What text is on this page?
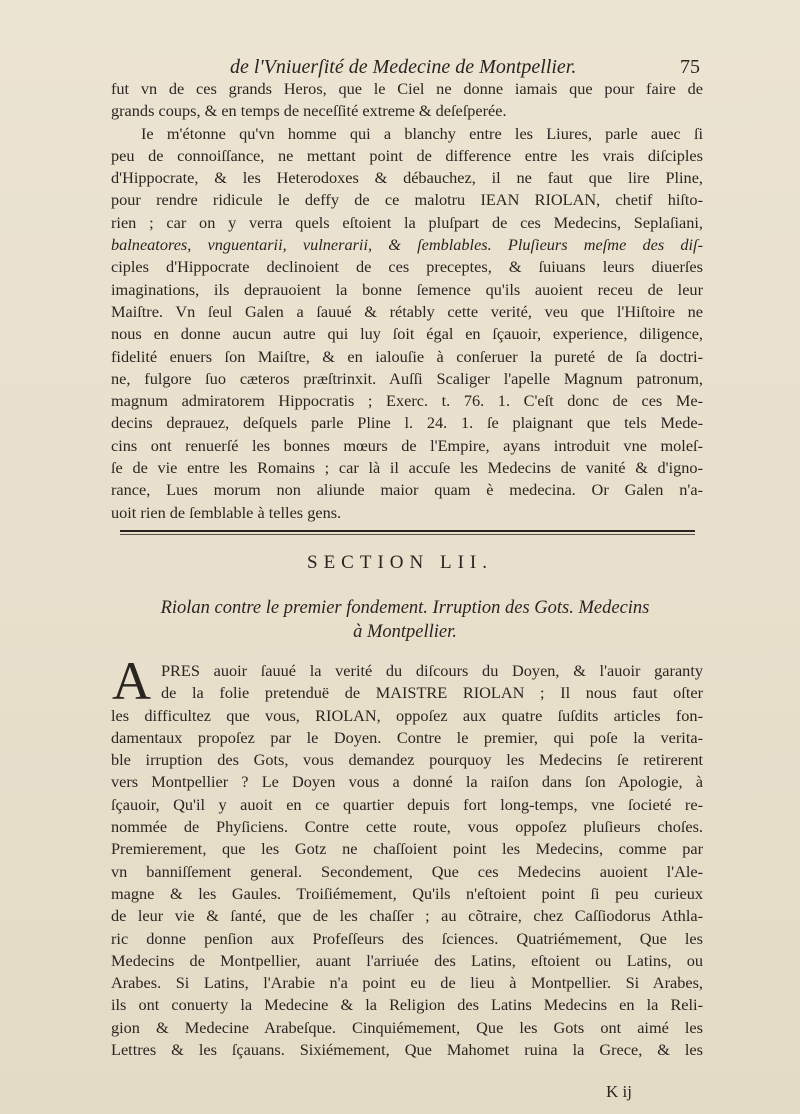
de l'Vniuerſité de Medecine de Montpellier.	75
fut vn de ces grands Heros, que le Ciel ne donne iamais que pour faire de
grands coups, & en temps de neceſſité extreme & deſeſperée.
Ie m'étonne qu'vn homme qui a blanchy entre les Liures, parle auec ſi
peu de connoiſſance, ne mettant point de difference entre les vrais diſciples
d'Hippocrate, & les Heterodoxes & débauchez, il ne faut que lire Pline,
pour rendre ridicule le deffy de ce malotru IEAN RIOLAN, chetif hiſto-
rien ; car on y verra quels eſtoient la pluſpart de ces Medecins, Seplaſiani,
balneatores, vnguentarii, vulnerarii, & ſemblables. Pluſieurs meſme des diſ-
ciples d'Hippocrate declinoient de ces preceptes, & ſuiuans leurs diuerſes
imaginations, ils deprauoient la bonne ſemence qu'ils auoient receu de leur
Maiſtre. Vn ſeul Galen a ſauué & rétably cette verité, veu que l'Hiſtoire ne
nous en donne aucun autre qui luy ſoit égal en ſçauoir, experience, diligence,
fidelité enuers ſon Maiſtre, & en ialouſie à conſeruer la pureté de ſa doctri-
ne, fulgore ſuo cæteros præſtrinxit. Auſſi Scaliger l'apelle Magnum patronum,
magnum admiratorem Hippocratis ; Exerc. t. 76. 1. C'eſt donc de ces Me-
decins deprauez, deſquels parle Pline l. 24. 1. ſe plaignant que tels Mede-
cins ont renuerſé les bonnes mœurs de l'Empire, ayans introduit vne moleſ-
ſe de vie entre les Romains ; car là il accuſe les Medecins de vanité & d'igno-
rance, Lues morum non aliunde maior quam è medecina. Or Galen n'a-
uoit rien de ſemblable à telles gens.
SECTION LII.
Riolan contre le premier fondement. Irruption des Gots. Medecins
à Montpellier.
A PRES auoir ſauué la verité du diſcours du Doyen, & l'auoir garanty
de la folie pretenduë de MAISTRE RIOLAN ; Il nous faut oſter
les difficultez que vous, RIOLAN, oppoſez aux quatre ſuſdits articles fon-
damentaux propoſez par le Doyen. Contre le premier, qui poſe la verita-
ble irruption des Gots, vous demandez pourquoy les Medecins ſe retirerent
vers Montpellier ? Le Doyen vous a donné la raiſon dans ſon Apologie, à
ſçauoir, Qu'il y auoit en ce quartier depuis fort long-temps, vne ſocieté re-
nommée de Phyſiciens. Contre cette route, vous oppoſez pluſieurs choſes.
Premierement, que les Gotz ne chaſſoient point les Medecins, comme par
vn banniſſement general. Secondement, Que ces Medecins auoient l'Ale-
magne & les Gaules. Troiſiémement, Qu'ils n'eſtoient point ſi peu curieux
de leur vie & ſanté, que de les chaſſer ; au cõtraire, chez Caſſiodorus Athla-
ric donne penſion aux Profeſſeurs des ſciences. Quatriémement, Que les
Medecins de Montpellier, auant l'arriuée des Latins, eſtoient ou Latins, ou
Arabes. Si Latins, l'Arabie n'a point eu de lieu à Montpellier. Si Arabes,
ils ont conuerty la Medecine & la Religion des Latins Medecins en la Reli-
gion & Medecine Arabeſque. Cinquiémement, Que les Gots ont aimé les
Lettres & les ſçauans. Sixiémement, Que Mahomet ruina la Grece, & les
K ij
